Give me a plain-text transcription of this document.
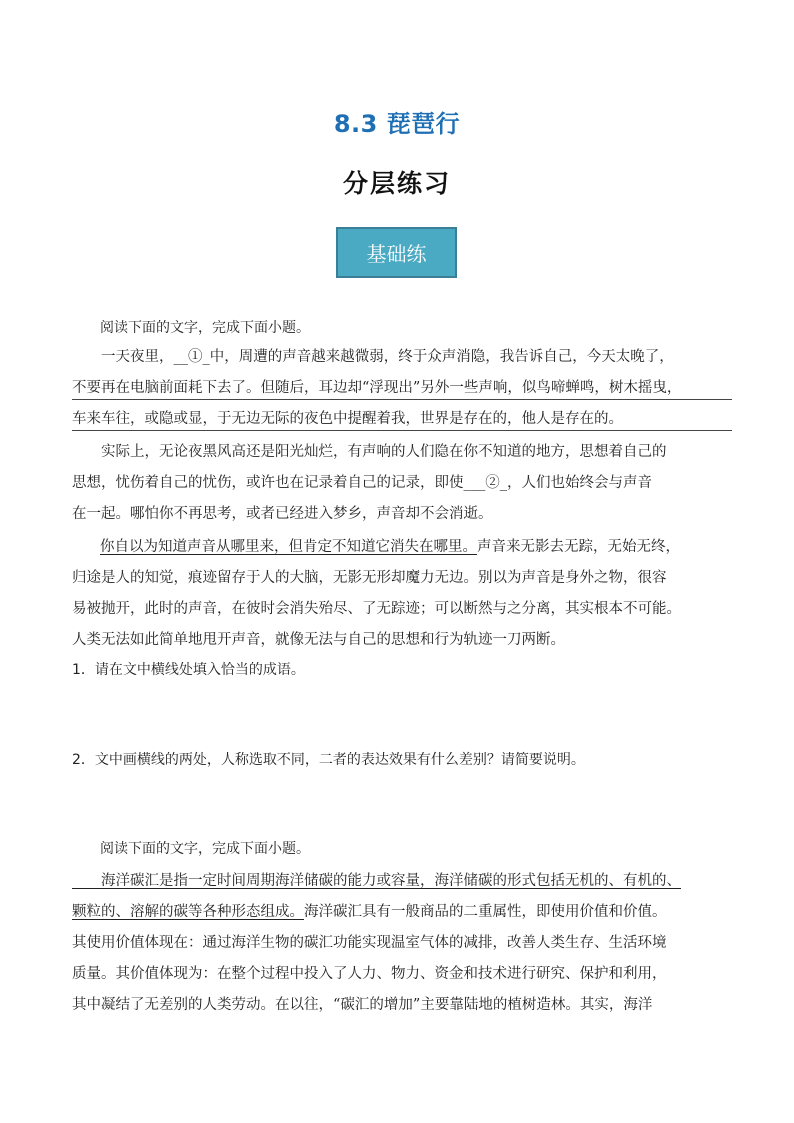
8.3 琵琶行
分层练习
基础练
阅读下面的文字，完成下面小题。
　　一天夜里，__①_中，周遭的声音越来越微弱，终于众声消隐，我告诉自己，今天太晚了，
不要再在电脑前面耗下去了。但随后，耳边却“浮现出”另外一些声响，似鸟啼蝉鸣，树木摇曳，
车来车往，或隐或显，于无边无际的夜色中提醒着我，世界是存在的，他人是存在的。
　　实际上，无论夜黑风高还是阳光灿烂，有声响的人们隐在你不知道的地方，思想着自己的
思想，忧伤着自己的忧伤，或许也在记录着自己的记录，即使___②_，人们也始终会与声音
在一起。哪怕你不再思考，或者已经进入梦乡，声音却不会消逝。
你自以为知道声音从哪里来，但肯定不知道它消失在哪里。声音来无影去无踪，无始无终，
归途是人的知觉，痕迹留存于人的大脑，无影无形却魔力无边。别以为声音是身外之物，很容
易被抛开，此时的声音，在彼时会消失殆尽、了无踪迹；可以断然与之分离，其实根本不可能。
人类无法如此简单地甩开声音，就像无法与自己的思想和行为轨迹一刀两断。
1．请在文中横线处填入恰当的成语。
2．文中画横线的两处，人称选取不同，二者的表达效果有什么差别？请简要说明。
阅读下面的文字，完成下面小题。
　　海洋碳汇是指一定时间周期海洋储碳的能力或容量，海洋储碳的形式包括无机的、有机的、
颗粒的、溶解的碳等各种形态组成。海洋碳汇具有一般商品的二重属性，即使用价值和价值。
其使用价值体现在：通过海洋生物的碳汇功能实现温室气体的减排，改善人类生存、生活环境
质量。其价值体现为：在整个过程中投入了人力、物力、资金和技术进行研究、保护和利用，
其中凝结了无差别的人类劳动。在以往，“碳汇的增加”主要靠陆地的植树造林。其实，海洋
